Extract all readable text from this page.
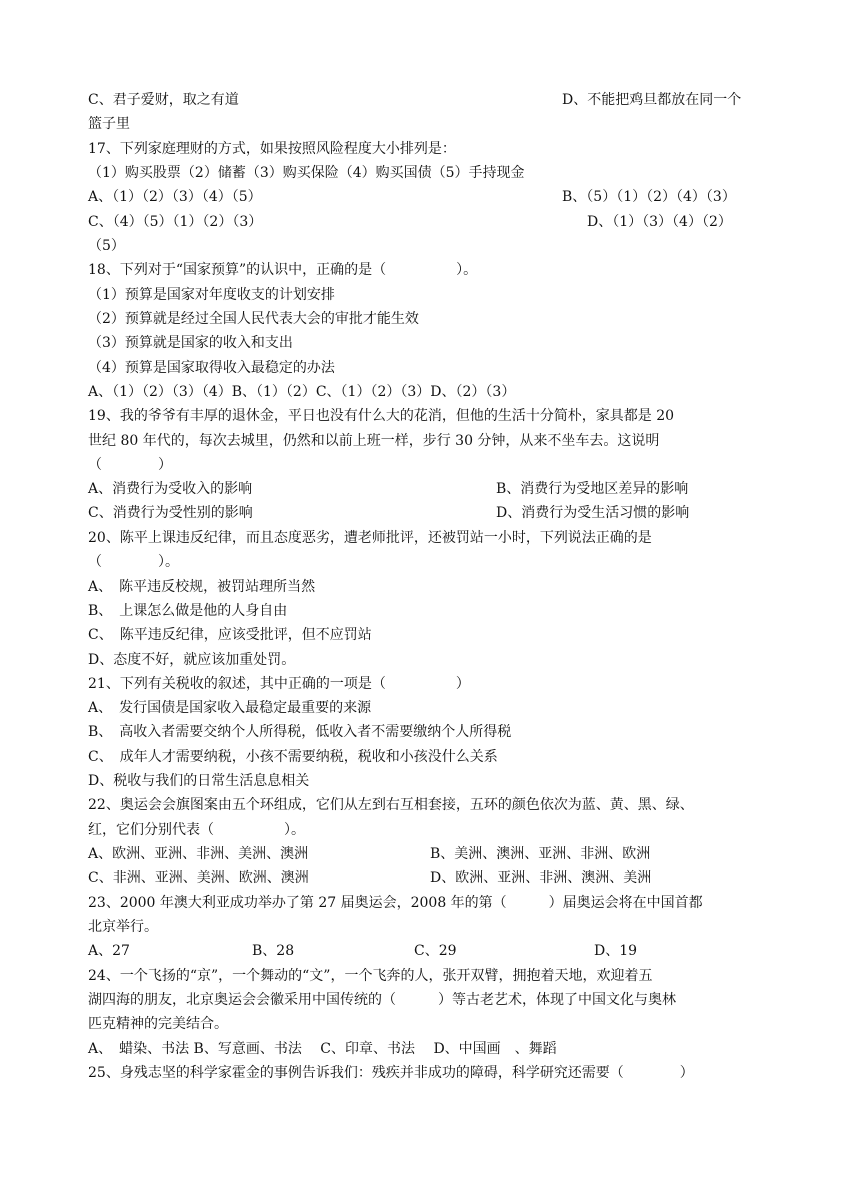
C、君子爱财，取之有道	D、不能把鸡旦都放在同一个
篮子里
17、下列家庭理财的方式，如果按照风险程度大小排列是：
（1）购买股票（2）储蓄（3）购买保险（4）购买国债（5）手持现金
A、（1）（2）（3）（4）（5）	B、（5）（1）（2）（4）（3）
C、（4）（5）（1）（2）（3）	D、（1）（3）（4）（2）
（5）
18、下列对于“国家预算”的认识中，正确的是（　　　　　）。
（1）预算是国家对年度收支的计划安排
（2）预算就是经过全国人民代表大会的审批才能生效
（3）预算就是国家的收入和支出
（4）预算是国家取得收入最稳定的办法
A、（1）（2）（3）（4）B、（1）（2）C、（1）（2）（3）D、（2）（3）
19、我的爷爷有丰厚的退休金，平日也没有什么大的花消，但他的生活十分简朴，家具都是 20
世纪 80 年代的，每次去城里，仍然和以前上班一样，步行 30 分钟，从来不坐车去。这说明
（　　　　）
A、消费行为受收入的影响	B、消费行为受地区差异的影响
C、消费行为受性别的影响	D、消费行为受生活习惯的影响
20、陈平上课违反纪律，而且态度恶劣，遭老师批评，还被罚站一小时，下列说法正确的是
（　　　　）。
A、　陈平违反校规，被罚站理所当然
B、　上课怎么做是他的人身自由
C、　陈平违反纪律，应该受批评，但不应罚站
D、态度不好，就应该加重处罚。
21、下列有关税收的叙述，其中正确的一项是（　　　　　）
A、　发行国债是国家收入最稳定最重要的来源
B、　高收入者需要交纳个人所得税，低收入者不需要缴纳个人所得税
C、　成年人才需要纳税，小孩不需要纳税，税收和小孩没什么关系
D、税收与我们的日常生活息息相关
22、奥运会会旗图案由五个环组成，它们从左到右互相套接，五环的颜色依次为蓝、黄、黑、绿、
红，它们分别代表（　　　　　）。
A、欧洲、亚洲、非洲、美洲、澳洲	B、美洲、澳洲、亚洲、非洲、欧洲
C、非洲、亚洲、美洲、欧洲、澳洲	D、欧洲、亚洲、非洲、澳洲、美洲
23、2000 年澳大利亚成功举办了第 27 届奥运会，2008 年的第（　　　）届奥运会将在中国首都
北京举行。
A、27	B、28	C、29	D、19
24、一个飞扬的“京”，一个舞动的“文”，一个飞奔的人，张开双臂，拥抱着天地，欢迎着五
湖四海的朋友，北京奥运会会徽采用中国传统的（　　　）等古老艺术，体现了中国文化与奥林
匹克精神的完美结合。
A、　蜡染、书法 B、写意画、书法　 C、印章、书法　 D、中国画　、舞蹈
25、身残志坚的科学家霍金的事例告诉我们：残疾并非成功的障碍，科学研究还需要（　　　　）
